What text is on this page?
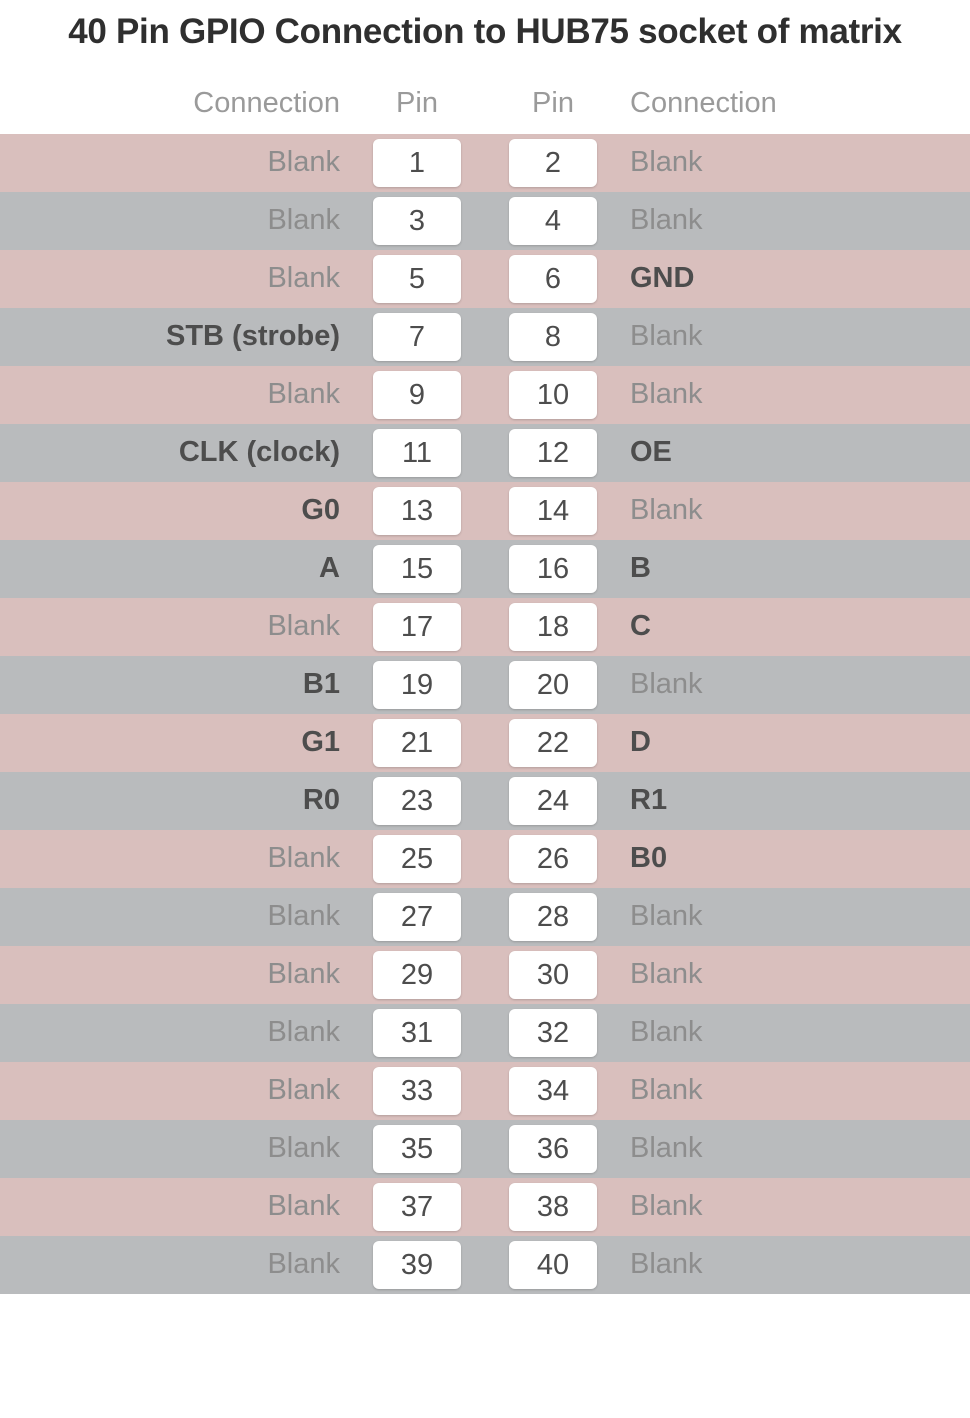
40 Pin GPIO Connection to HUB75 socket of matrix
Connection	Pin		Pin	Connection
Blank	1		2	Blank
Blank	3		4	Blank
Blank	5		6	GND
STB (strobe)	7		8	Blank
Blank	9		10	Blank
CLK (clock)	11		12	OE
G0	13		14	Blank
A	15		16	B
Blank	17		18	C
B1	19		20	Blank
G1	21		22	D
R0	23		24	R1
Blank	25		26	B0
Blank	27		28	Blank
Blank	29		30	Blank
Blank	31		32	Blank
Blank	33		34	Blank
Blank	35		36	Blank
Blank	37		38	Blank
Blank	39		40	Blank
